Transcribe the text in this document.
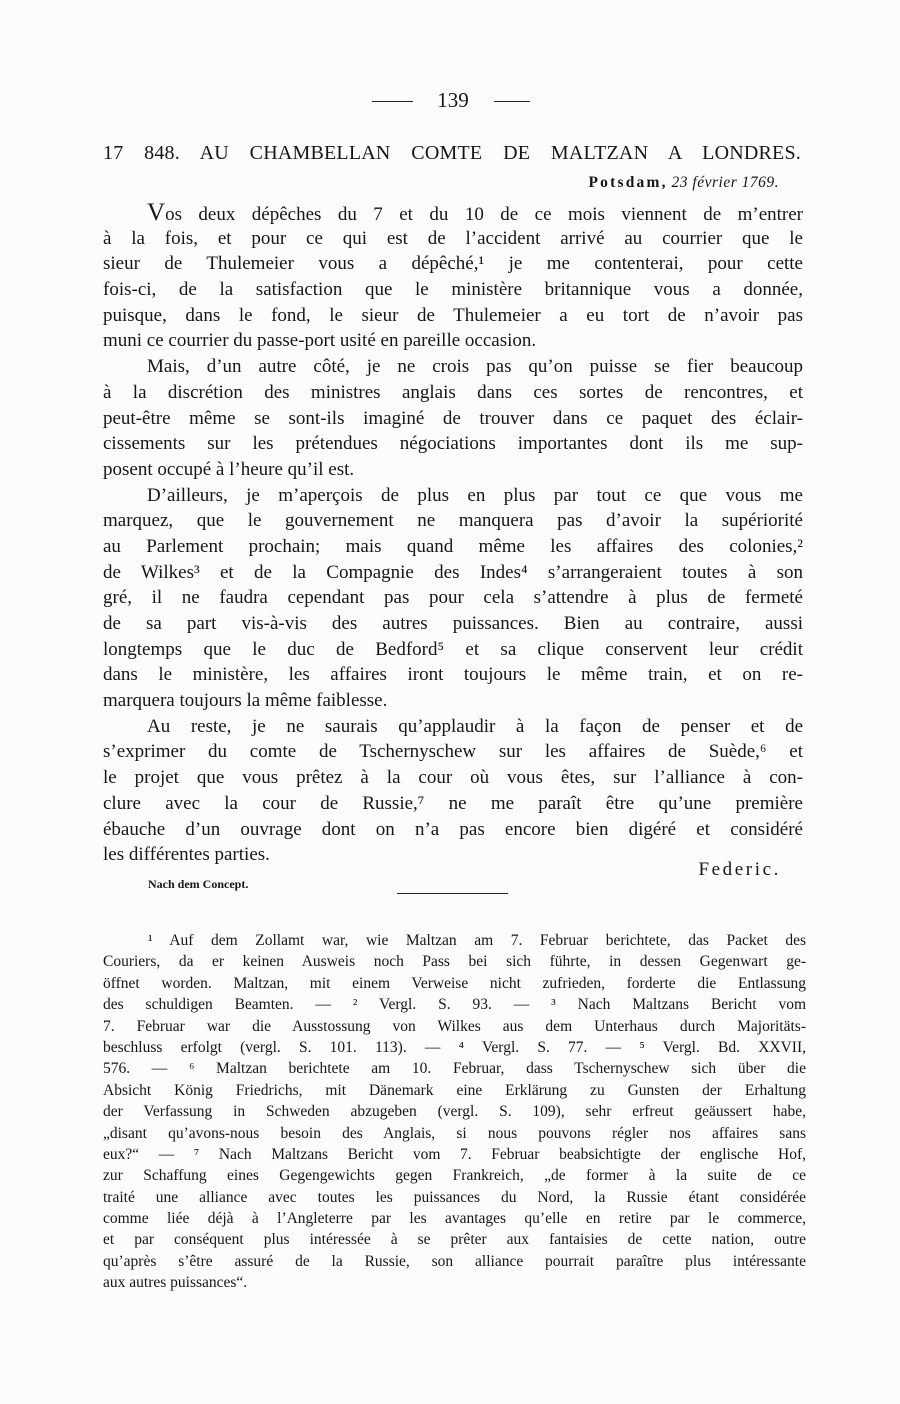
139
17 848. AU CHAMBELLAN COMTE DE MALTZAN A LONDRES.
Potsdam, 23 février 1769.
Vos deux dépêches du 7 et du 10 de ce mois viennent de m’entrer
à la fois, et pour ce qui est de l’accident arrivé au courrier que le
sieur de Thulemeier vous a dépêché,¹ je me contenterai, pour cette
fois-ci, de la satisfaction que le ministère britannique vous a donnée,
puisque, dans le fond, le sieur de Thulemeier a eu tort de n’avoir pas
muni ce courrier du passe-port usité en pareille occasion.
Mais, d’un autre côté, je ne crois pas qu’on puisse se fier beaucoup
à la discrétion des ministres anglais dans ces sortes de rencontres, et
peut-être même se sont-ils imaginé de trouver dans ce paquet des éclair-
cissements sur les prétendues négociations importantes dont ils me sup-
posent occupé à l’heure qu’il est.
D’ailleurs, je m’aperçois de plus en plus par tout ce que vous me
marquez, que le gouvernement ne manquera pas d’avoir la supériorité
au Parlement prochain; mais quand même les affaires des colonies,²
de Wilkes³ et de la Compagnie des Indes⁴ s’arrangeraient toutes à son
gré, il ne faudra cependant pas pour cela s’attendre à plus de fermeté
de sa part vis-à-vis des autres puissances. Bien au contraire, aussi
longtemps que le duc de Bedford⁵ et sa clique conservent leur crédit
dans le ministère, les affaires iront toujours le même train, et on re-
marquera toujours la même faiblesse.
Au reste, je ne saurais qu’applaudir à la façon de penser et de
s’exprimer du comte de Tschernyschew sur les affaires de Suède,⁶ et
le projet que vous prêtez à la cour où vous êtes, sur l’alliance à con-
clure avec la cour de Russie,⁷ ne me paraît être qu’une première
ébauche d’un ouvrage dont on n’a pas encore bien digéré et considéré
les différentes parties.
Federic.
Nach dem Concept.
¹ Auf dem Zollamt war, wie Maltzan am 7. Februar berichtete, das Packet des
Couriers, da er keinen Ausweis noch Pass bei sich führte, in dessen Gegenwart ge-
öffnet worden. Maltzan, mit einem Verweise nicht zufrieden, forderte die Entlassung
des schuldigen Beamten. — ² Vergl. S. 93. — ³ Nach Maltzans Bericht vom
7. Februar war die Ausstossung von Wilkes aus dem Unterhaus durch Majoritäts-
beschluss erfolgt (vergl. S. 101. 113). — ⁴ Vergl. S. 77. — ⁵ Vergl. Bd. XXVII,
576. — ⁶ Maltzan berichtete am 10. Februar, dass Tschernyschew sich über die
Absicht König Friedrichs, mit Dänemark eine Erklärung zu Gunsten der Erhaltung
der Verfassung in Schweden abzugeben (vergl. S. 109), sehr erfreut geäussert habe,
„disant qu’avons-nous besoin des Anglais, si nous pouvons régler nos affaires sans
eux?“ — ⁷ Nach Maltzans Bericht vom 7. Februar beabsichtigte der englische Hof,
zur Schaffung eines Gegengewichts gegen Frankreich, „de former à la suite de ce
traité une alliance avec toutes les puissances du Nord, la Russie étant considérée
comme liée déjà à l’Angleterre par les avantages qu’elle en retire par le commerce,
et par conséquent plus intéressée à se prêter aux fantaisies de cette nation, outre
qu’après s’être assuré de la Russie, son alliance pourrait paraître plus intéressante
aux autres puissances“.
